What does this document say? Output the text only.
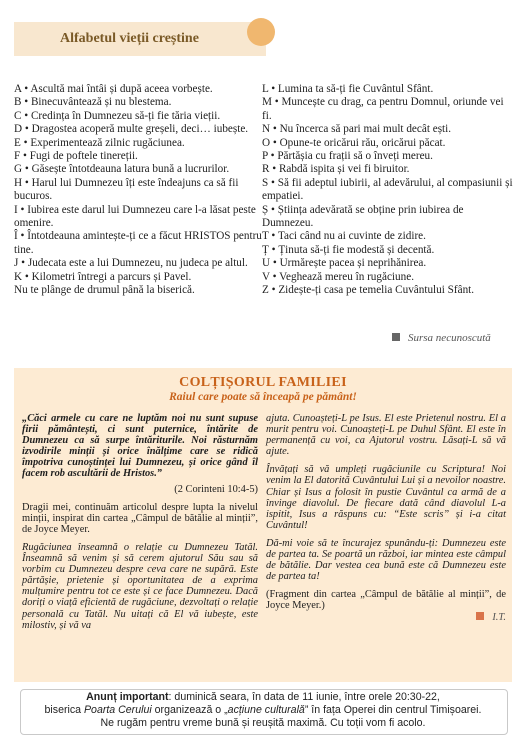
Alfabetul vieții creștine

A • Ascultă mai întâi și după aceea vorbește.

B • Binecuvântează și nu blestema.

C • Credința în Dumnezeu să-ți fie tăria vieții.

D • Dragostea acoperă multe greșeli, deci… iubește.

E • Experimentează zilnic rugăciunea.

F • Fugi de poftele tinereții.

G • Găsește întotdeauna latura bună a lucrurilor.

H • Harul lui Dumnezeu îți este îndeajuns ca să fii bucuros.

I • Iubirea este darul lui Dumnezeu care l-a lăsat peste omenire.

Î • Întotdeauna amintește-ți ce a făcut HRISTOS pentru tine.

J • Judecata este a lui Dumnezeu, nu judeca pe altul.

K • Kilometri întregi a parcurs și Pavel.

Nu te plânge de drumul până la biserică.

L • Lumina ta să-ți fie Cuvântul Sfânt.

M • Muncește cu drag, ca pentru Domnul, oriunde vei fi.

N • Nu încerca să pari mai mult decât ești.

O • Opune-te oricărui rău, oricărui păcat.

P • Părtășia cu frații să o înveți mereu.

R • Rabdă ispita și vei fi biruitor.

S • Să fii adeptul iubirii, al adevărului, al compasiunii și empatiei.

Ș • Știința adevărată se obține prin iubirea de Dumnezeu.

T • Taci când nu ai cuvinte de zidire.

Ț • Ținuta să-ți fie modestă și decentă.

U • Urmărește pacea și neprihănirea.

V • Veghează mereu în rugăciune.

Z • Zidește-ți casa pe temelia Cuvântului Sfânt.

Sursa necunoscută
COLȚIȘORUL FAMILIEI
Raiul care poate să înceapă pe pământ!

„Căci armele cu care ne luptăm noi nu sunt supuse firii pământești, ci sunt puternice, întărite de Dumnezeu ca să surpe întăriturile. Noi răsturnăm izvodirile minții și orice înălțime care se ridică împotriva cunoștinței lui Dumnezeu, și orice gând îl facem rob ascultării de Hristos.”

(2 Corinteni 10:4-5)

Dragii mei, continuăm articolul despre lupta la nivelul minții, inspirat din cartea „Câmpul de bătălie al minții”, de Joyce Meyer.

Rugăciunea înseamnă o relație cu Dumnezeu Tatăl. Înseamnă să venim și să cerem ajutorul Său sau să vorbim cu Dumnezeu despre ceva care ne supără. Este părtășie, prietenie și oportunitatea de a exprima mulțumire pentru tot ce este și ce face Dumnezeu. Dacă doriți o viață eficientă de rugăciune, dezvoltați o relație personală cu Tatăl. Nu uitați că El vă iubește, este milostiv, și vă va

ajuta. Cunoașteți-L pe Isus. El este Prietenul nostru. El a murit pentru voi. Cunoașteți-L pe Duhul Sfânt. El este în permanență cu voi, ca Ajutorul vostru. Lăsați-L să vă ajute.

Învățați să vă umpleți rugăciunile cu Scriptura! Noi venim la El datorită Cuvântului Lui și a nevoilor noastre. Chiar și Isus a folosit în pustie Cuvântul ca armă de a învinge diavolul. De fiecare dată când diavolul L-a ispitit, Isus a răspuns cu: “Este scris” și i-a citat Cuvântul!

Dă-mi voie să te încurajez spunându-ți: Dumnezeu este de partea ta. Se poartă un război, iar mintea este câmpul de bătălie. Dar vestea cea bună este că Dumnezeu este de partea ta!

(Fragment din cartea „Câmpul de bătălie al minții”, de Joyce Meyer.)

I.T.

Anunț important: duminică seara, în data de 11 iunie, între orele 20:30-22,
biserica Poarta Cerului organizează o „acțiune culturală” în fața Operei din centrul Timișoarei.
Ne rugăm pentru vreme bună și reușită maximă. Cu toții vom fi acolo.
